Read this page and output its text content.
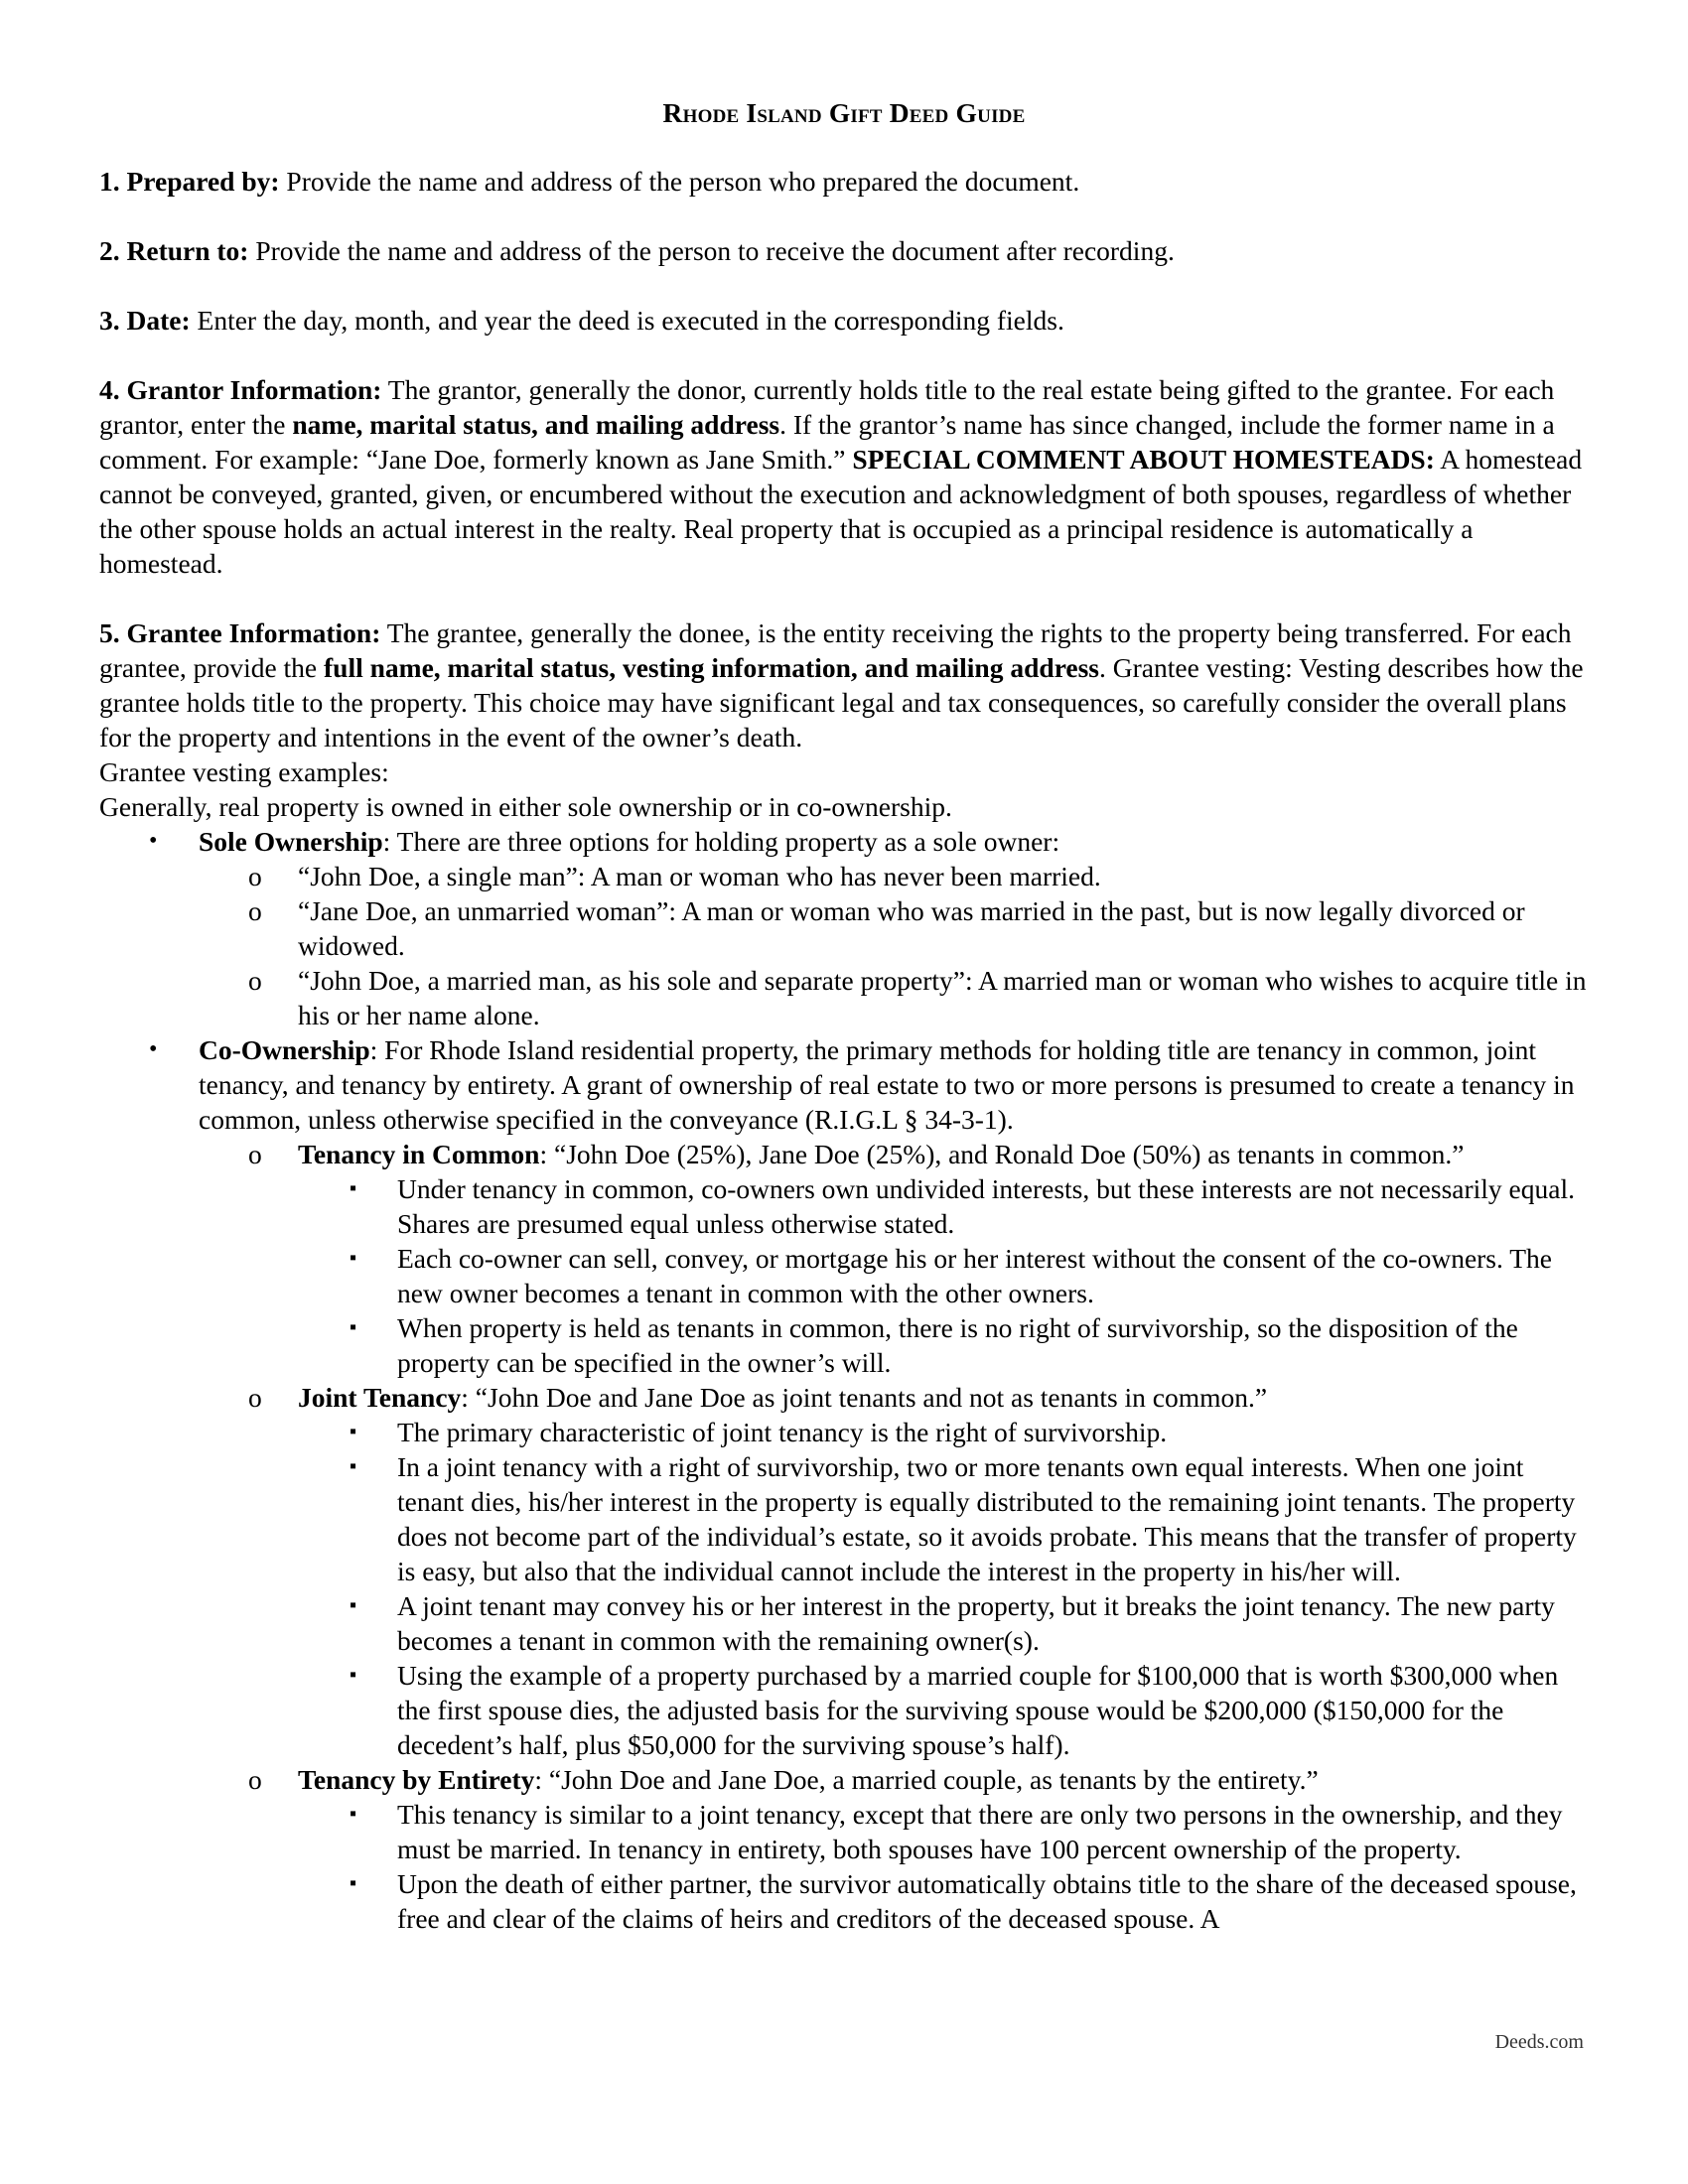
Rhode Island Gift Deed Guide

1. Prepared by: Provide the name and address of the person who prepared the document.

2. Return to: Provide the name and address of the person to receive the document after recording.

3. Date: Enter the day, month, and year the deed is executed in the corresponding fields.

4. Grantor Information: The grantor, generally the donor, currently holds title to the real estate being gifted to the grantee. For each grantor, enter the name, marital status, and mailing address. If the grantor’s name has since changed, include the former name in a comment. For example: “Jane Doe, formerly known as Jane Smith.” SPECIAL COMMENT ABOUT HOMESTEADS: A homestead cannot be conveyed, granted, given, or encumbered without the execution and acknowledgment of both spouses, regardless of whether the other spouse holds an actual interest in the realty. Real property that is occupied as a principal residence is automatically a homestead.

5. Grantee Information: The grantee, generally the donee, is the entity receiving the rights to the property being transferred. For each grantee, provide the full name, marital status, vesting information, and mailing address. Grantee vesting: Vesting describes how the grantee holds title to the property. This choice may have significant legal and tax consequences, so carefully consider the overall plans for the property and intentions in the event of the owner’s death.

Grantee vesting examples:

Generally, real property is owned in either sole ownership or in co-ownership.

• Sole Ownership: There are three options for holding property as a sole owner:
o “John Doe, a single man”: A man or woman who has never been married.
o “Jane Doe, an unmarried woman”: A man or woman who was married in the past, but is now legally divorced or widowed.
o “John Doe, a married man, as his sole and separate property”: A married man or woman who wishes to acquire title in his or her name alone.
• Co-Ownership: For Rhode Island residential property, the primary methods for holding title are tenancy in common, joint tenancy, and tenancy by entirety. A grant of ownership of real estate to two or more persons is presumed to create a tenancy in common, unless otherwise specified in the conveyance (R.I.G.L § 34-3-1).
o Tenancy in Common: “John Doe (25%), Jane Doe (25%), and Ronald Doe (50%) as tenants in common.”
▪ Under tenancy in common, co-owners own undivided interests, but these interests are not necessarily equal. Shares are presumed equal unless otherwise stated.
▪ Each co-owner can sell, convey, or mortgage his or her interest without the consent of the co-owners. The new owner becomes a tenant in common with the other owners.
▪ When property is held as tenants in common, there is no right of survivorship, so the disposition of the property can be specified in the owner’s will.
o Joint Tenancy: “John Doe and Jane Doe as joint tenants and not as tenants in common.”
▪ The primary characteristic of joint tenancy is the right of survivorship.
▪ In a joint tenancy with a right of survivorship, two or more tenants own equal interests. When one joint tenant dies, his/her interest in the property is equally distributed to the remaining joint tenants. The property does not become part of the individual’s estate, so it avoids probate. This means that the transfer of property is easy, but also that the individual cannot include the interest in the property in his/her will.
▪ A joint tenant may convey his or her interest in the property, but it breaks the joint tenancy. The new party becomes a tenant in common with the remaining owner(s).
▪ Using the example of a property purchased by a married couple for $100,000 that is worth $300,000 when the first spouse dies, the adjusted basis for the surviving spouse would be $200,000 ($150,000 for the decedent’s half, plus $50,000 for the surviving spouse’s half).
o Tenancy by Entirety: “John Doe and Jane Doe, a married couple, as tenants by the entirety.”
▪ This tenancy is similar to a joint tenancy, except that there are only two persons in the ownership, and they must be married. In tenancy in entirety, both spouses have 100 percent ownership of the property.
▪ Upon the death of either partner, the survivor automatically obtains title to the share of the deceased spouse, free and clear of the claims of heirs and creditors of the deceased spouse. A
Deeds.com
